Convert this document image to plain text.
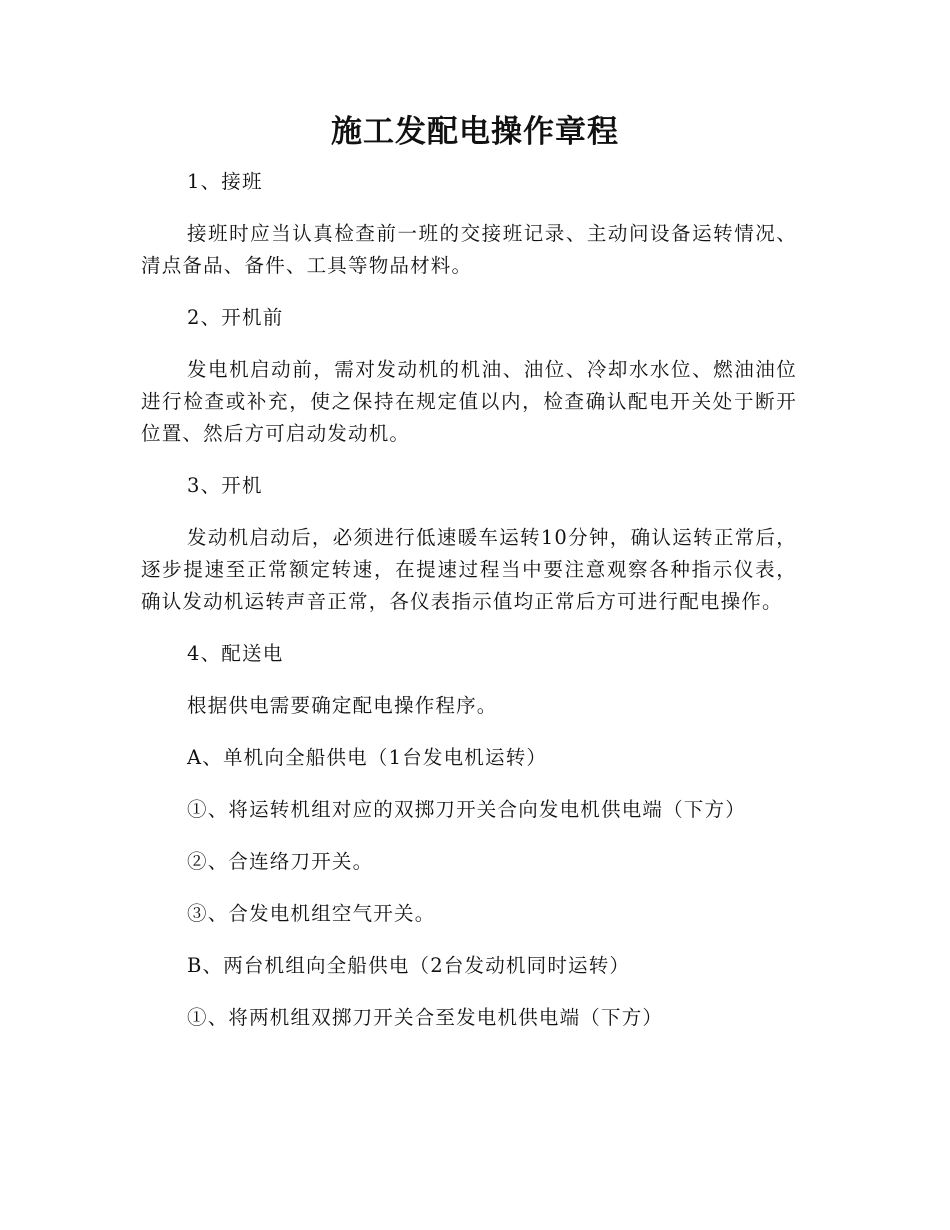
施工发配电操作章程

1、接班

接班时应当认真检查前一班的交接班记录、主动问设备运转情况、清点备品、备件、工具等物品材料。

2、开机前

发电机启动前，需对发动机的机油、油位、冷却水水位、燃油油位进行检查或补充，使之保持在规定值以内，检查确认配电开关处于断开位置、然后方可启动发动机。

3、开机

发动机启动后，必须进行低速暖车运转10分钟，确认运转正常后，逐步提速至正常额定转速，在提速过程当中要注意观察各种指示仪表，确认发动机运转声音正常，各仪表指示值均正常后方可进行配电操作。

4、配送电

根据供电需要确定配电操作程序。

A、单机向全船供电（1台发电机运转）

①、将运转机组对应的双掷刀开关合向发电机供电端（下方）

②、合连络刀开关。

③、合发电机组空气开关。

B、两台机组向全船供电（2台发动机同时运转）

①、将两机组双掷刀开关合至发电机供电端（下方）
